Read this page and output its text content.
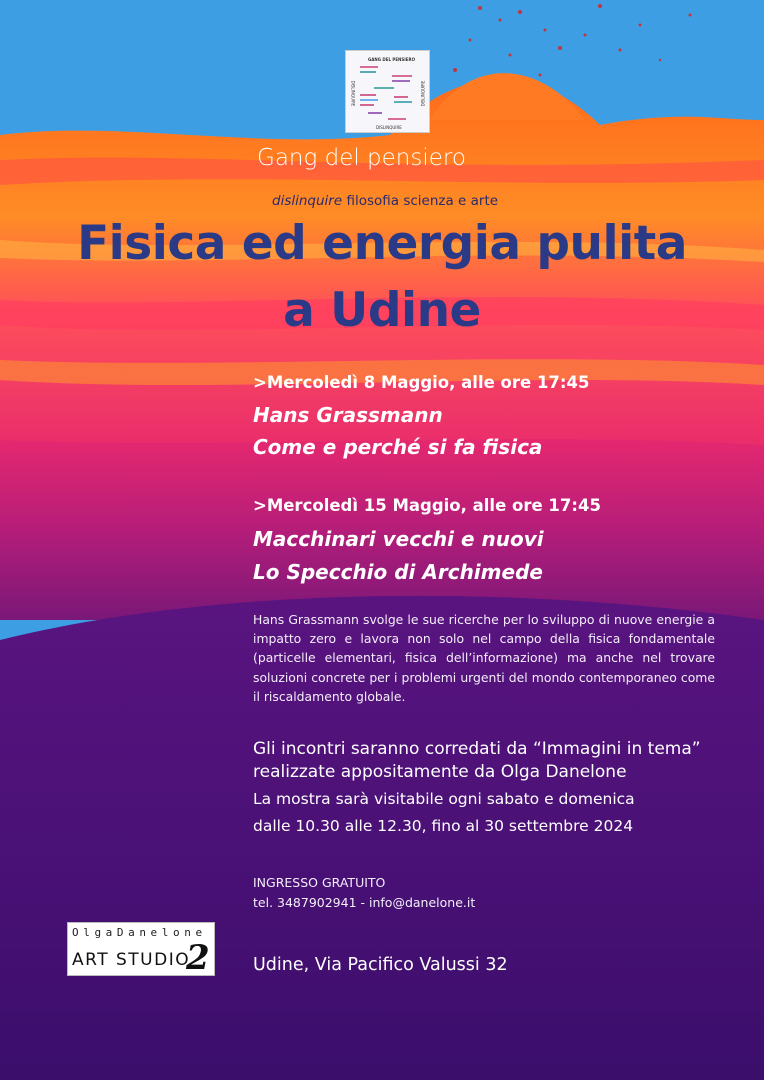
GANG DEL PENSIERO
DISLINQUIRE
DISLINQUIRE	DISLINQUIRE
Gang del pensiero
dislinquire filosofia scienza e arte
Fisica ed energia pulita
a Udine
>Mercoledì 8 Maggio, alle ore 17:45
Hans Grassmann
Come e perché si fa fisica
>Mercoledì 15 Maggio, alle ore 17:45
Macchinari vecchi e nuovi
Lo Specchio di Archimede
Hans Grassmann svolge le sue ricerche per lo sviluppo di nuove energie a impatto zero e lavora non solo nel campo della fisica fondamentale (particelle elementari, fisica dell’informazione) ma anche nel trovare soluzioni concrete per i problemi urgenti del mondo contemporaneo come il riscaldamento globale.
Gli incontri saranno corredati da “Immagini in tema”
realizzate appositamente da Olga Danelone
La mostra sarà visitabile ogni sabato e domenica
dalle 10.30 alle 12.30, fino al 30 settembre 2024
INGRESSO GRATUITO
tel. 3487902941 - info@danelone.it
OlgaDanelone
ART STUDIO
2 Udine, Via Pacifico Valussi 32
